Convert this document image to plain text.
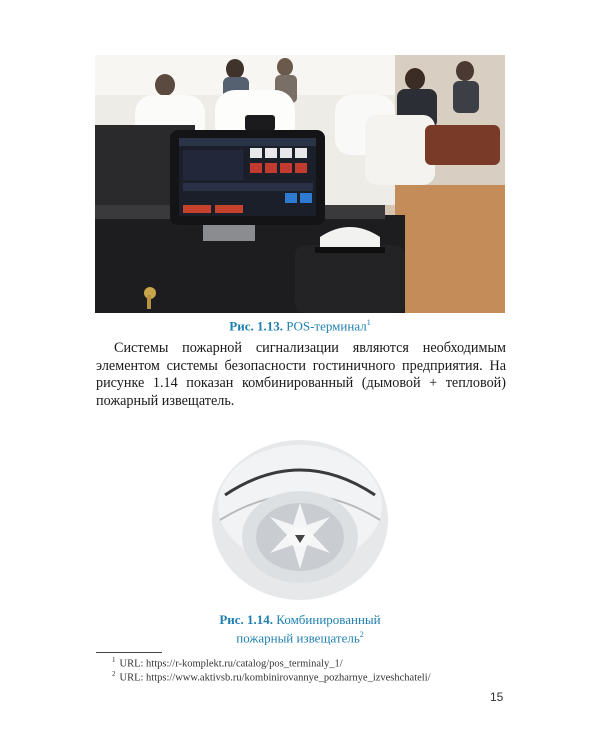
Рис. 1.13. POS-терминал$^1$
Системы пожарной сигнализации являются необходимым элементом системы безопасности гостиничного предприятия. На рисунке 1.14 показан комбинированный (дымовой + тепловой) пожарный извещатель.
Рис. 1.14. Комбинированный
пожарный извещатель$^2$
$^1$ URL: https://r-komplekt.ru/catalog/pos_terminaly_1/
$^2$ URL: https://www.aktivsb.ru/kombinirovannye_pozharnye_izveshchateli/
15
